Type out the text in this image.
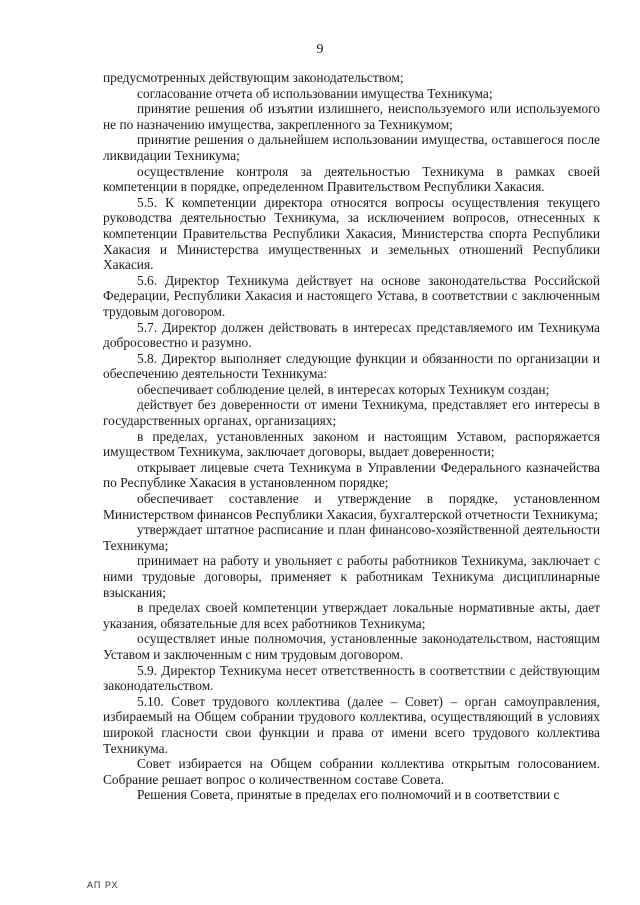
9

предусмотренных действующим законодательством;

согласование отчета об использовании имущества Техникума;

принятие решения об изъятии излишнего, неиспользуемого или используемого не по назначению имущества, закрепленного за Техникумом;

принятие решения о дальнейшем использовании имущества, оставшегося после ликвидации Техникума;

осуществление контроля за деятельностью Техникума в рамках своей компетенции в порядке, определенном Правительством Республики Хакасия.

5.5. К компетенции директора относятся вопросы осуществления текущего руководства деятельностью Техникума, за исключением вопросов, отнесенных к компетенции Правительства Республики Хакасия, Министерства спорта Республики Хакасия и Министерства имущественных и земельных отношений Республики Хакасия.

5.6. Директор Техникума действует на основе законодательства Российской Федерации, Республики Хакасия и настоящего Устава, в соответствии с заключенным трудовым договором.

5.7. Директор должен действовать в интересах представляемого им Техникума добросовестно и разумно.

5.8. Директор выполняет следующие функции и обязанности по организации и обеспечению деятельности Техникума:

обеспечивает соблюдение целей, в интересах которых Техникум создан;

действует без доверенности от имени Техникума, представляет его интересы в государственных органах, организациях;

в пределах, установленных законом и настоящим Уставом, распоряжается имуществом Техникума, заключает договоры, выдает доверенности;

открывает лицевые счета Техникума в Управлении Федерального казначейства по Республике Хакасия в установленном порядке;

обеспечивает составление и утверждение в порядке, установленном Министерством финансов Республики Хакасия, бухгалтерской отчетности Техникума;

утверждает штатное расписание и план финансово-хозяйственной деятельности Техникума;

принимает на работу и увольняет с работы работников Техникума, заключает с ними трудовые договоры, применяет к работникам Техникума дисциплинарные взыскания;

в пределах своей компетенции утверждает локальные нормативные акты, дает указания, обязательные для всех работников Техникума;

осуществляет иные полномочия, установленные законодательством, настоящим Уставом и заключенным с ним трудовым договором.

5.9. Директор Техникума несет ответственность в соответствии с действующим законодательством.

5.10. Совет трудового коллектива (далее – Совет) – орган самоуправления, избираемый на Общем собрании трудового коллектива, осуществляющий в условиях широкой гласности свои функции и права от имени всего трудового коллектива Техникума.

Совет избирается на Общем собрании коллектива открытым голосованием. Собрание решает вопрос о количественном составе Совета.

Решения Совета, принятые в пределах его полномочий и в соответствии с

АП РХ
